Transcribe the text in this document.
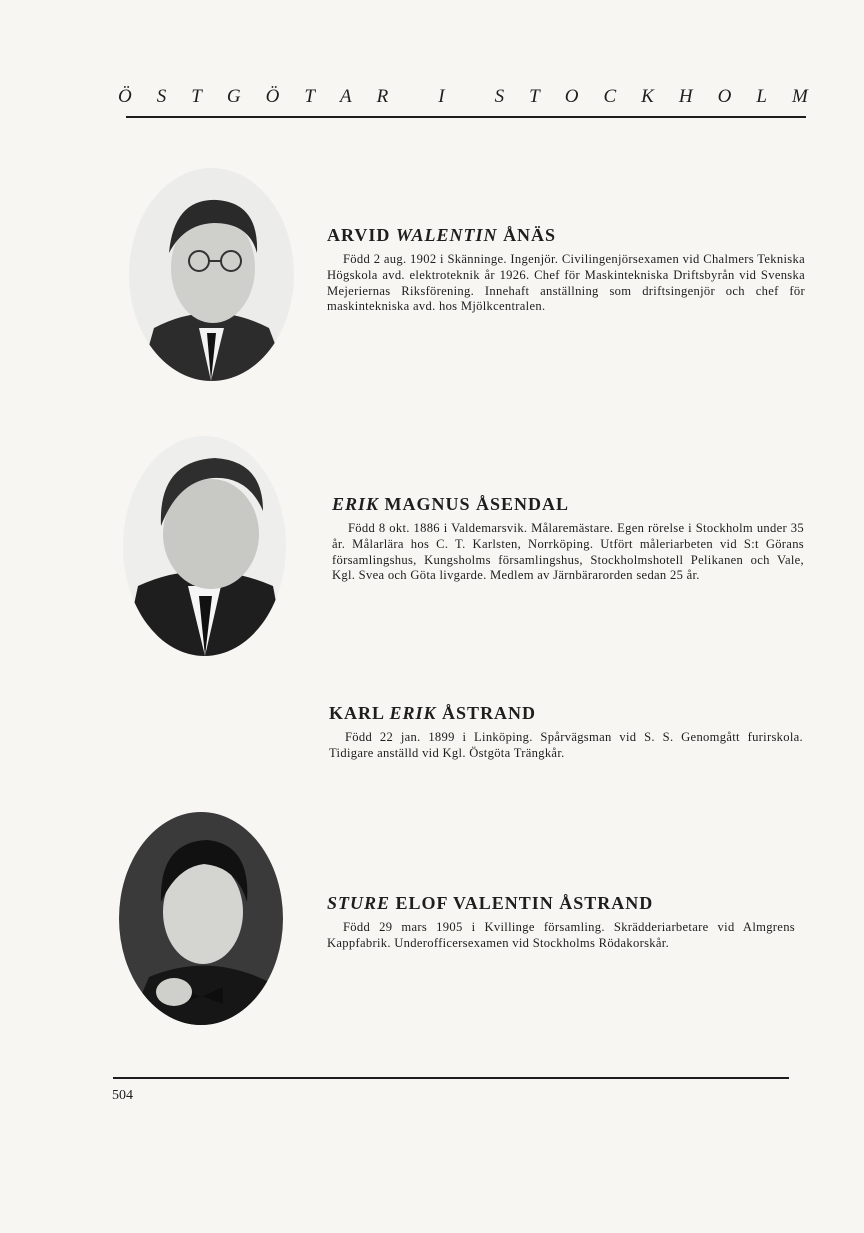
Ö S T G Ö T A R	I	S T O C K H O L M
ARVID WALENTIN ÅNÄS

Född 2 aug. 1902 i Skänninge. Ingenjör. Civilingenjörsexamen vid Chalmers Tekniska Högskola avd. elektroteknik år 1926. Chef för Maskintekniska Driftsbyrån vid Svenska Mejeriernas Riksförening. Innehaft anställning som driftsingenjör och chef för maskintekniska avd. hos Mjölkcentralen.

ERIK MAGNUS ÅSENDAL

Född 8 okt. 1886 i Valdemarsvik. Målaremästare. Egen rörelse i Stockholm under 35 år. Målarlära hos C. T. Karlsten, Norrköping. Utfört måleriarbeten vid S:t Görans församlingshus, Kungsholms församlingshus, Stockholmshotell Pelikanen och Vale, Kgl. Svea och Göta livgarde. Medlem av Järnbärarorden sedan 25 år.

KARL ERIK ÅSTRAND

Född 22 jan. 1899 i Linköping. Spårvägsman vid S. S. Genomgått furirskola. Tidigare anställd vid Kgl. Östgöta Trängkår.

STURE ELOF VALENTIN ÅSTRAND

Född 29 mars 1905 i Kvillinge församling. Skrädderiarbetare vid Almgrens Kappfabrik. Underofficersexamen vid Stockholms Rödakorskår.

504
